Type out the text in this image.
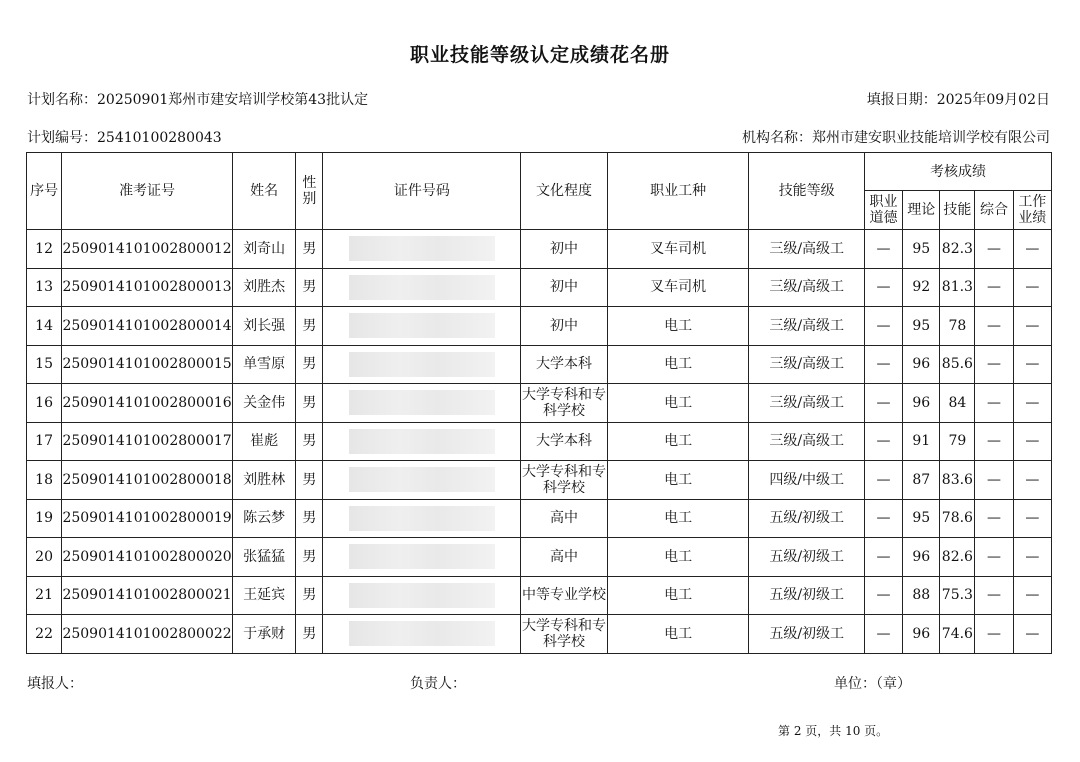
职业技能等级认定成绩花名册
计划名称：20250901郑州市建安培训学校第43批认定	填报日期：2025年09月02日
计划编号：25410100280043	机构名称：郑州市建安职业技能培训学校有限公司
序号	准考证号	姓名	性别	证件号码	文化程度	职业工种	技能等级	考核成绩				
								职业道德	理论	技能	综合	工作业绩
12	2509014101002800012	刘奇山	男		初中	叉车司机	三级/高级工	—	95	82.3	—	—
13	2509014101002800013	刘胜杰	男		初中	叉车司机	三级/高级工	—	92	81.3	—	—
14	2509014101002800014	刘长强	男		初中	电工	三级/高级工	—	95	78	—	—
15	2509014101002800015	单雪原	男		大学本科	电工	三级/高级工	—	96	85.6	—	—
16	2509014101002800016	关金伟	男		大学专科和专科学校	电工	三级/高级工	—	96	84	—	—
17	2509014101002800017	崔彪	男		大学本科	电工	三级/高级工	—	91	79	—	—
18	2509014101002800018	刘胜林	男		大学专科和专科学校	电工	四级/中级工	—	87	83.6	—	—
19	2509014101002800019	陈云梦	男		高中	电工	五级/初级工	—	95	78.6	—	—
20	2509014101002800020	张猛猛	男		高中	电工	五级/初级工	—	96	82.6	—	—
21	2509014101002800021	王延宾	男		中等专业学校	电工	五级/初级工	—	88	75.3	—	—
22	2509014101002800022	于承财	男		大学专科和专科学校	电工	五级/初级工	—	96	74.6	—	—
填报人：	负责人：	单位：（章）
第 2 页，共 10 页。
